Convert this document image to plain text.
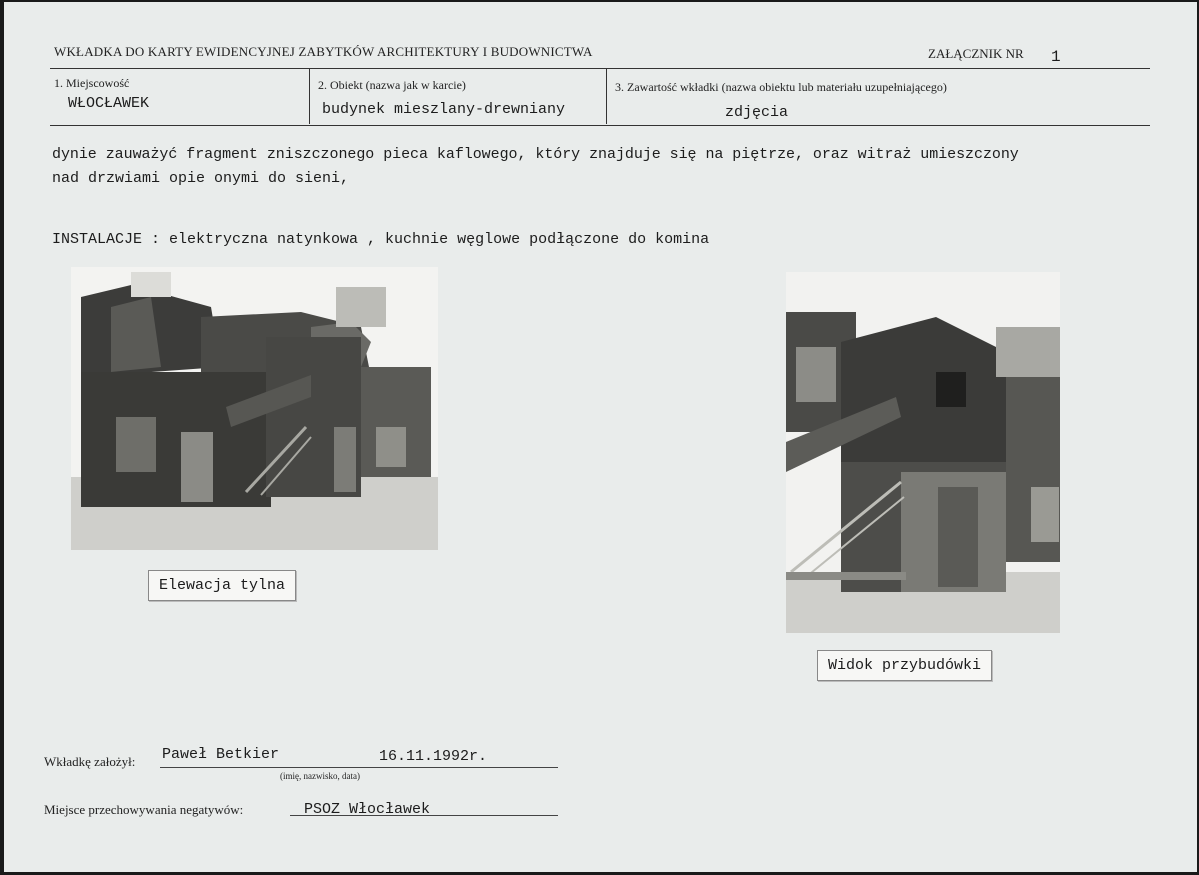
WKŁADKA DO KARTY EWIDENCYJNEJ ZABYTKÓW ARCHITEKTURY I BUDOWNICTWA	ZAŁĄCZNIK NR 1
1. Miejscowość
WŁOCŁAWEK
2. Obiekt (nazwa jak w karcie)
budynek mieszlany-drewniany
3. Zawartość wkładki (nazwa obiektu lub materiału uzupełniającego)
zdjęcia
dynie zauważyć fragment zniszczonego pieca kaflowego, który znajduje się na piętrze, oraz witraż umieszczony
nad drzwiami opie onymi do sieni,
INSTALACJE : elektryczna natynkowa , kuchnie węglowe podłączone do komina
Elewacja tylna
Widok przybudówki
Wkładkę założył: Paweł Betkier	16.11.1992r.
(imię, nazwisko, data)
Miejsce przechowywania negatywów:	PSOZ Włocławek
